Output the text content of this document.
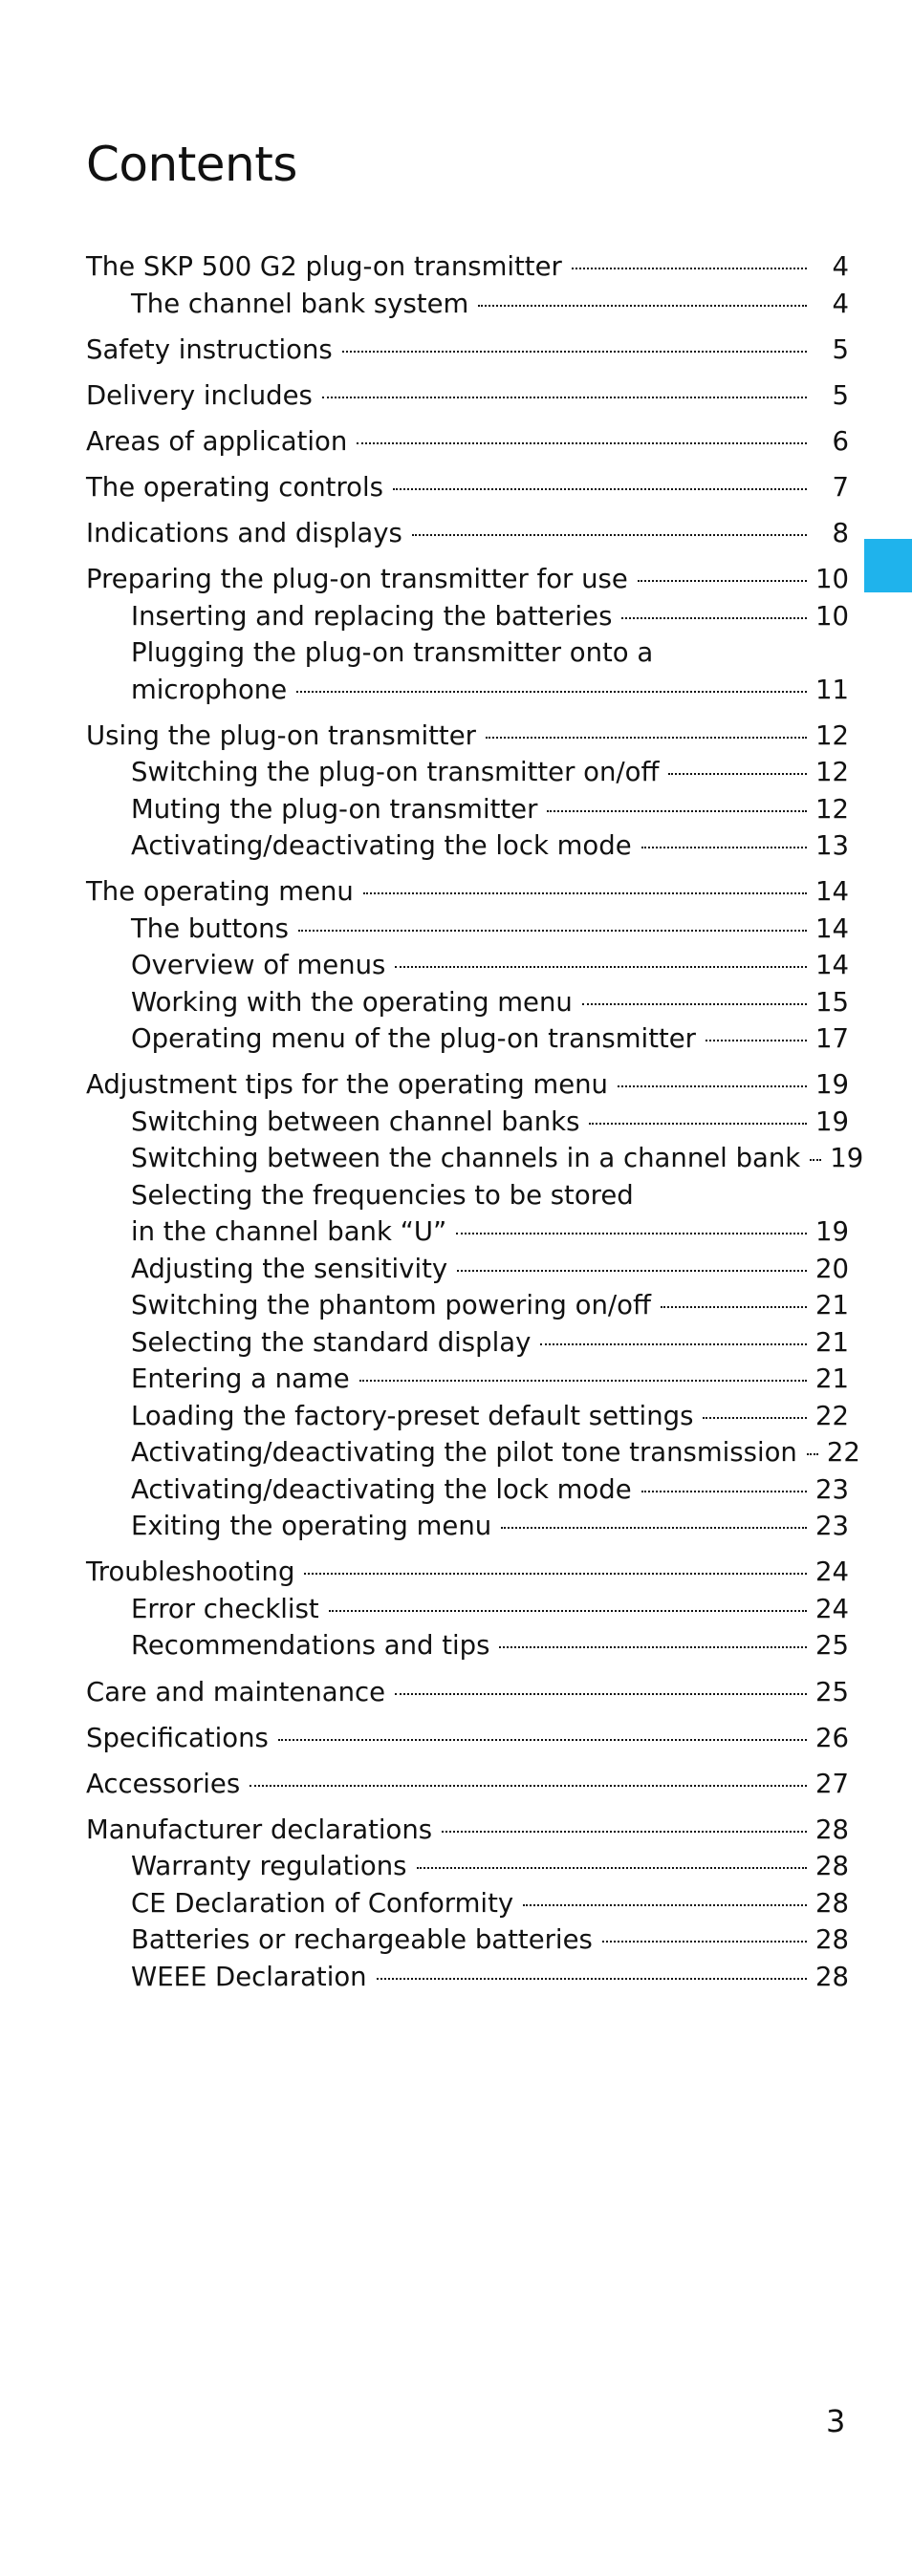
Contents
The SKP 500 G2 plug-on transmitter	4
The channel bank system	4
Safety instructions	5
Delivery includes	5
Areas of application	6
The operating controls	7
Indications and displays	8
Preparing the plug-on transmitter for use	10
Inserting and replacing the batteries	10
Plugging the plug-on transmitter onto a
microphone	11
Using the plug-on transmitter	12
Switching the plug-on transmitter on/off	12
Muting the plug-on transmitter	12
Activating/deactivating the lock mode	13
The operating menu	14
The buttons	14
Overview of menus	14
Working with the operating menu	15
Operating menu of the plug-on transmitter	17
Adjustment tips for the operating menu	19
Switching between channel banks	19
Switching between the channels in a channel bank 19
Selecting the frequencies to be stored
in the channel bank “U”	19
Adjusting the sensitivity	20
Switching the phantom powering on/off	21
Selecting the standard display	21
Entering a name	21
Loading the factory-preset default settings	22
Activating/deactivating the pilot tone transmission 22
Activating/deactivating the lock mode	23
Exiting the operating menu	23
Troubleshooting	24
Error checklist	24
Recommendations and tips	25
Care and maintenance	25
Specifications	26
Accessories	27
Manufacturer declarations	28
Warranty regulations	28
CE Declaration of Conformity	28
Batteries or rechargeable batteries	28
WEEE Declaration	28
3
